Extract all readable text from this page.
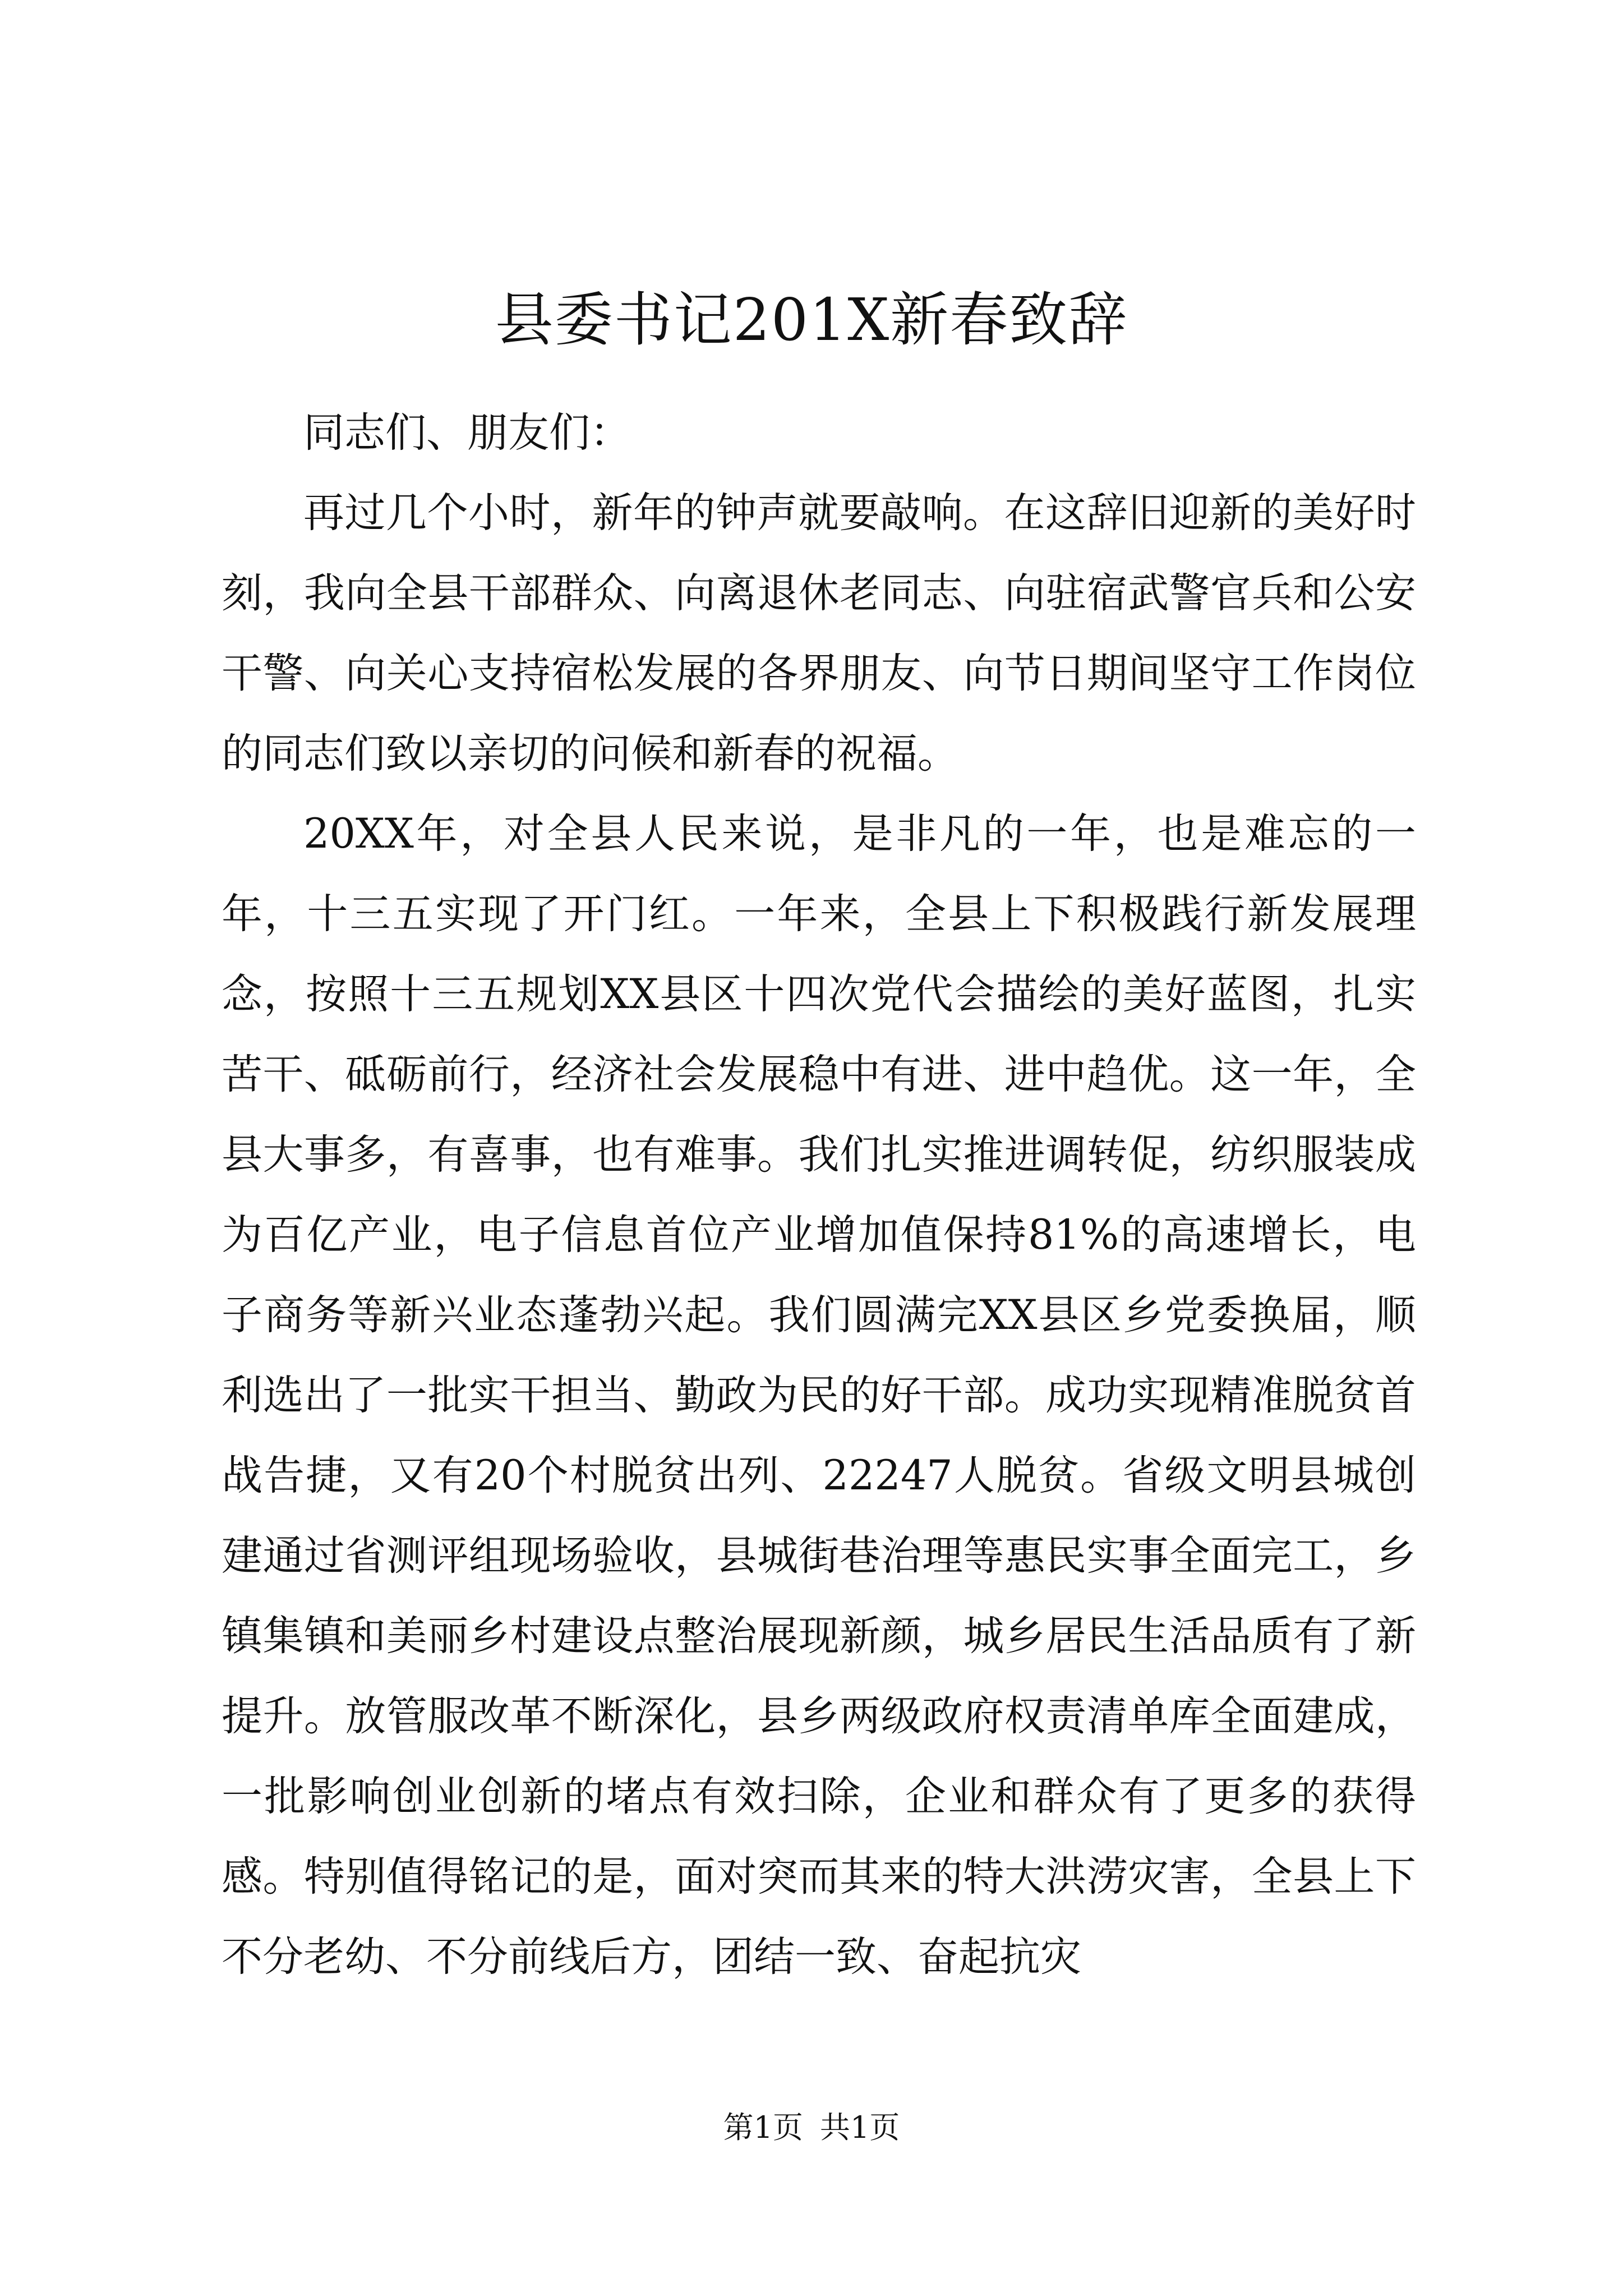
县委书记201X新春致辞

同志们、朋友们：

再过几个小时，新年的钟声就要敲响。在这辞旧迎新的美好时刻，我向全县干部群众、向离退休老同志、向驻宿武警官兵和公安干警、向关心支持宿松发展的各界朋友、向节日期间坚守工作岗位的同志们致以亲切的问候和新春的祝福。

20XX年，对全县人民来说，是非凡的一年，也是难忘的一年，十三五实现了开门红。一年来，全县上下积极践行新发展理念，按照十三五规划XX县区十四次党代会描绘的美好蓝图，扎实苦干、砥砺前行，经济社会发展稳中有进、进中趋优。这一年，全县大事多，有喜事，也有难事。我们扎实推进调转促，纺织服装成为百亿产业，电子信息首位产业增加值保持81%的高速增长，电子商务等新兴业态蓬勃兴起。我们圆满完XX县区乡党委换届，顺利选出了一批实干担当、勤政为民的好干部。成功实现精准脱贫首战告捷，又有20个村脱贫出列、22247人脱贫。省级文明县城创建通过省测评组现场验收，县城街巷治理等惠民实事全面完工，乡镇集镇和美丽乡村建设点整治展现新颜，城乡居民生活品质有了新提升。放管服改革不断深化，县乡两级政府权责清单库全面建成，一批影响创业创新的堵点有效扫除，企业和群众有了更多的获得感。特别值得铭记的是，面对突而其来的特大洪涝灾害，全县上下不分老幼、不分前线后方，团结一致、奋起抗灾

第1页 共1页
